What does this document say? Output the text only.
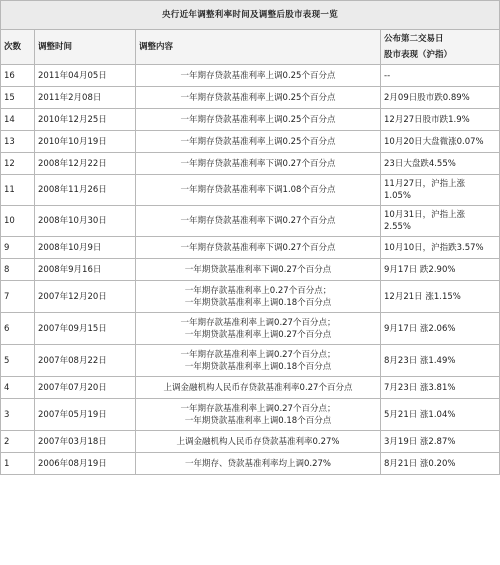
央行近年调整利率时间及调整后股市表现一览			
次数	调整时间	调整内容	公布第二交易日
股市表现（沪指）

16	2011年04月05日	一年期存贷款基准利率上调0.25个百分点	--

15	2011年2月08日	一年期存贷款基准利率上调0.25个百分点	2月09日股市跌0.89%

14	2010年12月25日	一年期存贷款基准利率上调0.25个百分点	12月27日股市跌1.9%

13	2010年10月19日	一年期存贷款基准利率上调0.25个百分点	10月20日大盘微涨0.07%

12	2008年12月22日	一年期存贷款基准利率下调0.27个百分点	23日大盘跌4.55%

11	2008年11月26日	一年期存贷款基准利率下调1.08个百分点	11月27日，沪指上涨
1.05%

10	2008年10月30日	一年期存贷款基准利率下调0.27个百分点	10月31日，沪指上涨
2.55%

9	2008年10月9日	一年期存贷款基准利率下调0.27个百分点	10月10日，沪指跌3.57%

8	2008年9月16日	一年期贷款基准利率下调0.27个百分点	9月17日 跌2.90%

7	2007年12月20日	一年期存款基准利率上0.27个百分点；
一年期贷款基准利率上调0.18个百分点	12月21日 涨1.15%

6	2007年09月15日	一年期存款基准利率上调0.27个百分点；
一年期贷款基准利率上调0.27个百分点	9月17日 涨2.06%

5	2007年08月22日	一年期存款基准利率上调0.27个百分点；
一年期贷款基准利率上调0.18个百分点	8月23日 涨1.49%

4	2007年07月20日	上调金融机构人民币存贷款基准利率0.27个百分点	7月23日 涨3.81%

3	2007年05月19日	一年期存款基准利率上调0.27个百分点；
一年期贷款基准利率上调0.18个百分点	5月21日 涨1.04%

2	2007年03月18日	上调金融机构人民币存贷款基准利率0.27%	3月19日 涨2.87%

1	2006年08月19日	一年期存、贷款基准利率均上调0.27%	8月21日 涨0.20%
